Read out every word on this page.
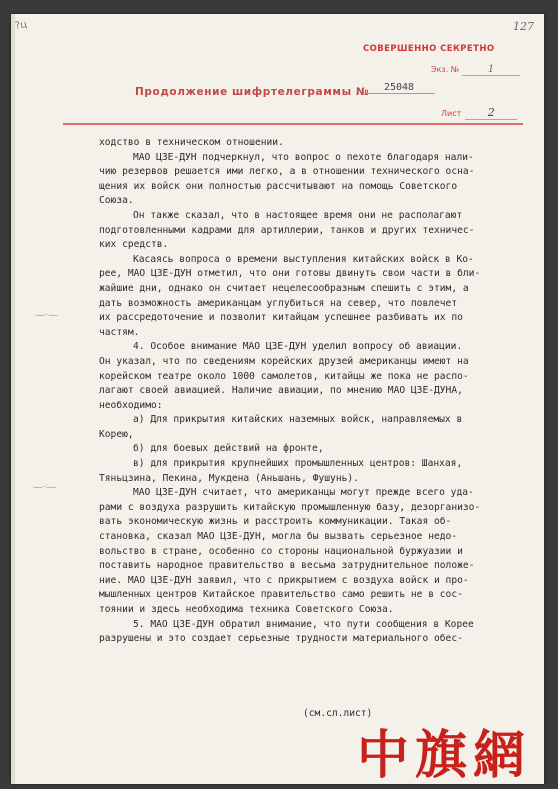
?ц	127
СОВЕРШЕННО СЕКРЕТНО
Экз. №	1
Продолжение шифртелеграммы №	25048
Лист 2
ходство в техническом отношении.
МАО ЦЗЕ-ДУН подчеркнул, что вопрос о пехоте благодаря нали-
чию резервов решается ими легко, а в отношении технического осна-
щения их войск они полностью рассчитывают на помощь Советского
Союза.
Он также сказал, что в настоящее время они не располагают
подготовленными кадрами для артиллерии, танков и других техничес-
ких средств.
Касаясь вопроса о времени выступления китайских войск в Ко-
рее, МАО ЦЗЕ-ДУН отметил, что они готовы двинуть свои части в бли-
жайшие дни, однако он считает нецелесообразным спешить с этим, а
дать возможность американцам углубиться на север, что повлечет
их рассредоточение и позволит китайцам успешнее разбивать их по
частям.
4. Особое внимание МАО ЦЗЕ-ДУН уделил вопросу об авиации.
Он указал, что по сведениям корейских друзей американцы имеют на
корейском театре около 1000 самолетов, китайцы же пока не распо-
лагают своей авиацией. Наличие авиации, по мнению МАО ЦЗЕ-ДУНА,
необходимо:
а) Для прикрытия китайских наземных войск, направляемых в
Корею,
б) для боевых действий на фронте,
в) для прикрытия крупнейших промышленных центров: Шанхая,
Тяньцзина, Пекина, Мукдена (Аньшань, Фушунь).
МАО ЦЗЕ-ДУН считает, что американцы могут прежде всего уда-
рами с воздуха разрушить китайскую промышленную базу, дезорганизо-
вать экономическую жизнь и расстроить коммуникации. Такая об-
становка, сказал МАО ЦЗЕ-ДУН, могла бы вызвать серьезное недо-
вольство в стране, особенно со стороны национальной буржуазии и
поставить народное правительство в весьма затруднительное положе-
ние. МАО ЦЗЕ-ДУН заявил, что с прикрытием с воздуха войск и про-
мышленных центров Китайское правительство само решить не в сос-
тоянии и здесь необходима техника Советского Союза.
5. МАО ЦЗЕ-ДУН обратил внимание, что пути сообщения в Корее
разрушены и это создает серьезные трудности материального обес-
(см.сл.лист)
—·—
—·—
中旗網
